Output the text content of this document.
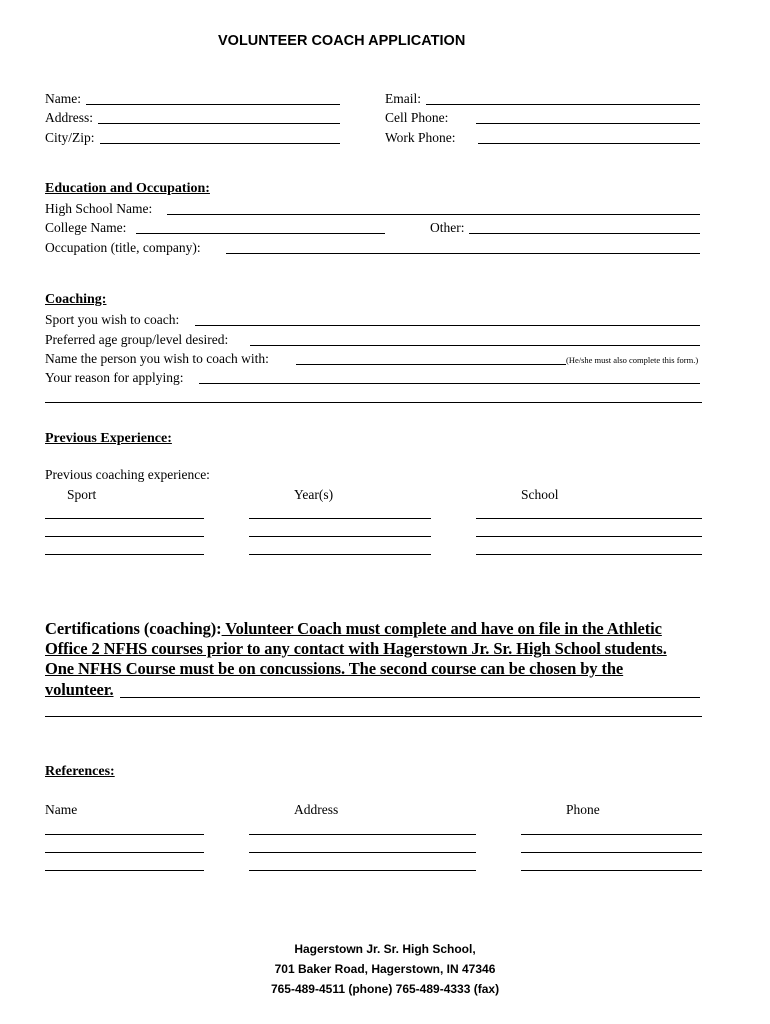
VOLUNTEER COACH APPLICATION
Name:
Address:
City/Zip:
Email:
Cell Phone:
Work Phone:
Education and Occupation:
High School Name:
College Name:	Other:
Occupation (title, company):
Coaching:
Sport you wish to coach:
Preferred age group/level desired:
Name the person you wish to coach with:	(He/she must also complete this form.)
Your reason for applying:
Previous Experience:
Previous coaching experience:
Sport	Year(s)	School
Certifications (coaching): Volunteer Coach must complete and have on file in the Athletic
Office 2 NFHS courses prior to any contact with Hagerstown Jr. Sr. High School students.
One NFHS Course must be on concussions. The second course can be chosen by the
volunteer.
References:
Name	Address	Phone
Hagerstown Jr. Sr. High School,
701 Baker Road, Hagerstown, IN 47346
765-489-4511 (phone) 765-489-4333 (fax)
